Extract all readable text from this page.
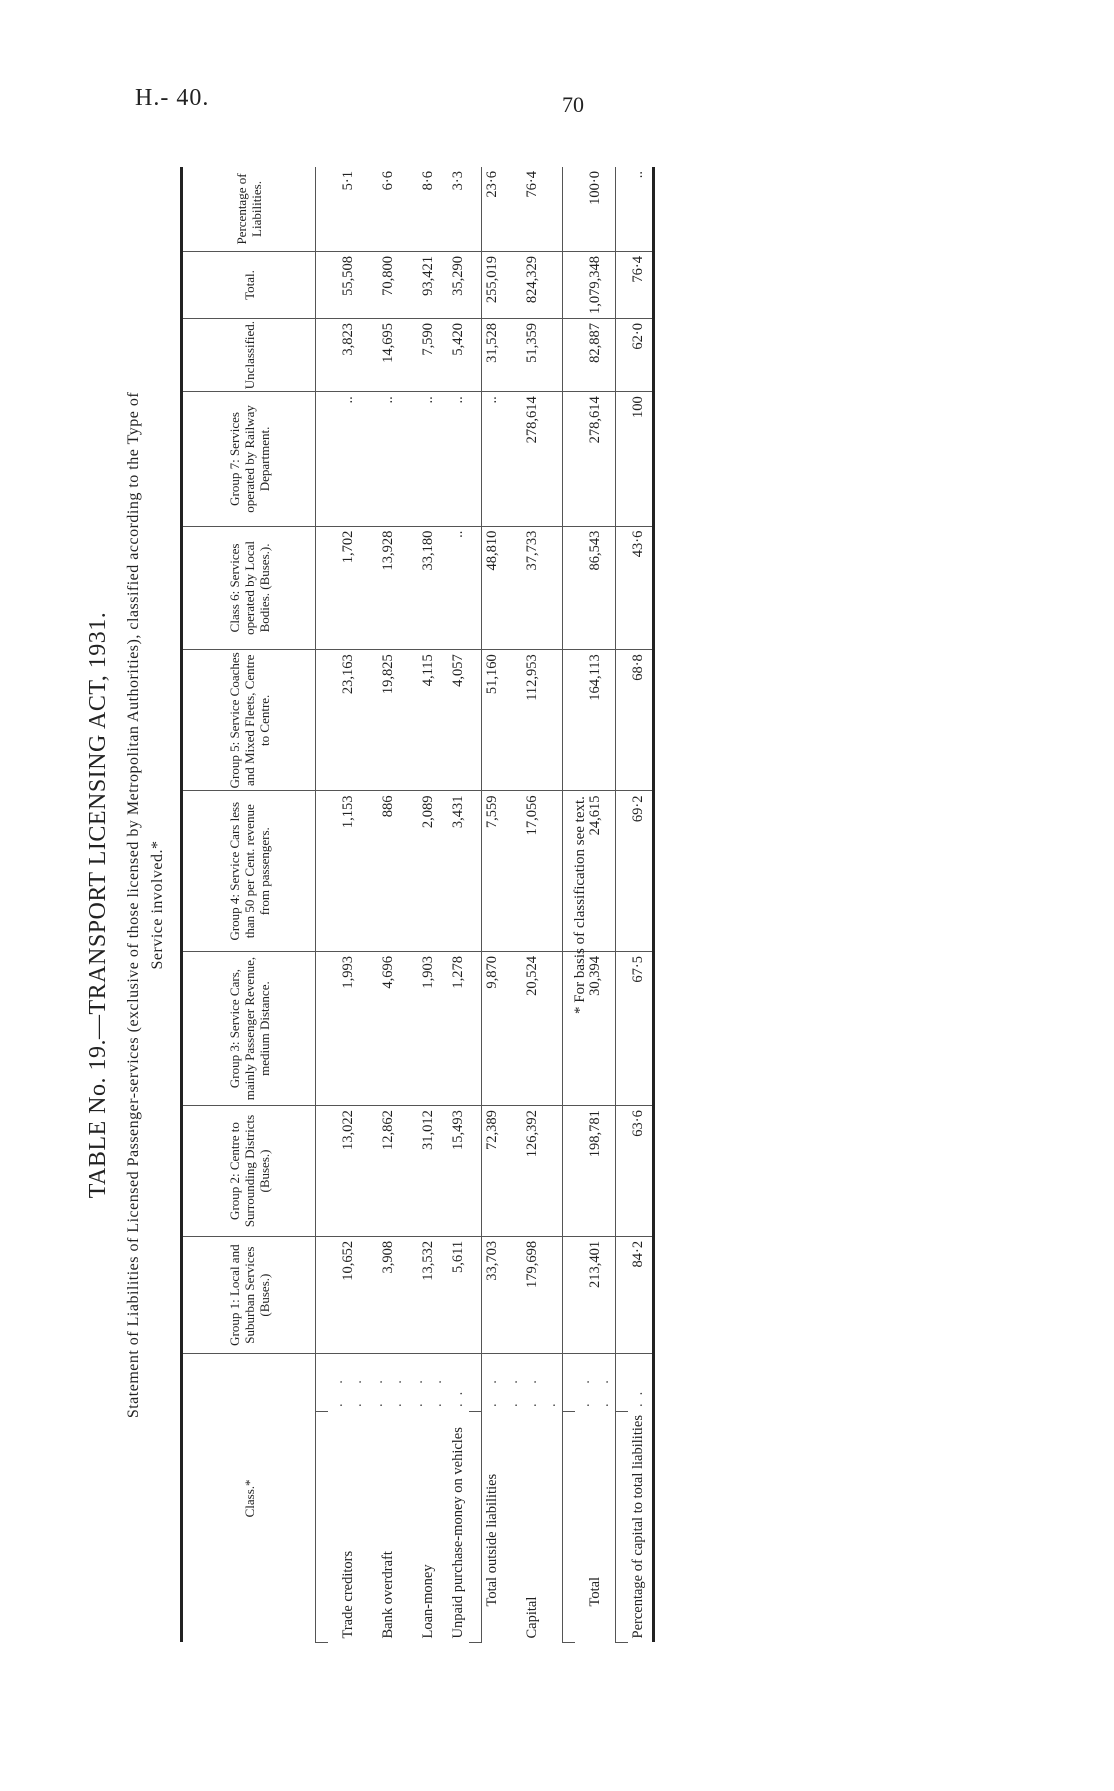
H.- 40.	70
TABLE No. 19.—TRANSPORT LICENSING ACT, 1931. Statement of Liabilities of Licensed Passenger-services (exclusive of those licensed by Metropolitan Authorities), classified according to the Type of Service involved.*
Class.*		Group 1: Local and Suburban Services (Buses.)	Group 2: Centre to Surrounding Districts (Buses.)	Group 3: Service Cars, mainly Passenger Revenue, medium Distance.	Group 4: Service Cars less than 50 per Cent. revenue from passengers.	Group 5: Service Coaches and Mixed Fleets, Centre to Centre.	Class 6: Services operated by Local Bodies. (Buses.).	Group 7: Services operated by Railway Department.	Unclassified.	Total.	Percentage of Liabilities.

Trade creditors	. . . .	10,652	13,022	1,993	1,153	23,163	1,702	..	3,823	55,508	5·1
Bank overdraft	. . . .	3,908	12,862	4,696	886	19,825	13,928	..	14,695	70,800	6·6
Loan-money	. . . .	13,532	31,012	1,903	2,089	4,115	33,180	..	7,590	93,421	8·6
Unpaid purchase-money on vehicles	..	5,611	15,493	1,278	3,431	4,057	..	..	5,420	35,290	3·3

Total outside liabilities	. .	33,703	72,389	9,870	7,559	51,160	48,810	..	31,528	255,019	23·6
Capital	. . . . .	179,698	126,392	20,524	17,056	112,953	37,733	278,614	51,359	824,329	76·4

Total	. . . .	213,401	198,781	30,394	24,615	164,113	86,543	278,614	82,887	1,079,348	100·0

Percentage of capital to total liabilities	..	84·2	63·6	67·5	69·2	68·8	43·6	100	62·0	76·4	..
* For basis of classification see text.
